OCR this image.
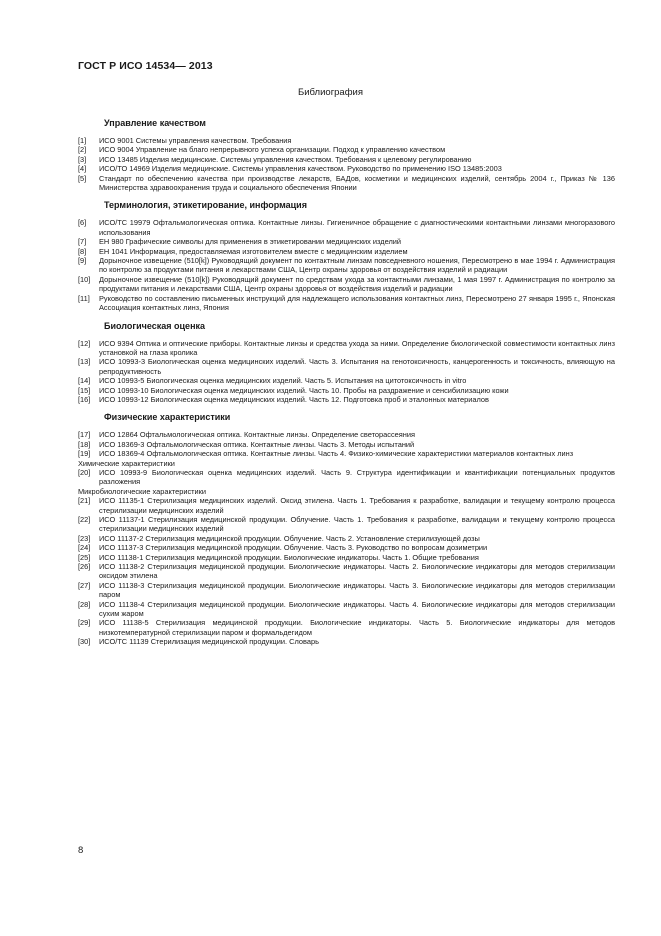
ГОСТ Р ИСО 14534— 2013
Библиография
Управление качеством
[1]	ИСО 9001 Системы управления качеством. Требования
[2]	ИСО 9004 Управление на благо непрерывного успеха организации. Подход к управлению качеством
[3]	ИСО 13485 Изделия медицинские. Системы управления качеством. Требования к целевому регулированию
[4]	ИСО/ТО 14969 Изделия медицинские. Системы управления качеством. Руководство по применению ISO 13485:2003
[5]	Стандарт по обеспечению качества при производстве лекарств, БАДов, косметики и медицинских изделий, сентябрь 2004 г., Приказ № 136 Министерства здравоохранения труда и социального обеспечения Японии
Терминология, этикетирование, информация
[6]	ИСО/ТС 19979 Офтальмологическая оптика. Контактные линзы. Гигиеничное обращение с диагностическими контактными линзами многоразового использования
[7]	ЕН 980 Графические символы для применения в этикетировании медицинских изделий
[8]	ЕН 1041 Информация, предоставляемая изготовителем вместе с медицинским изделием
[9]	Дорыночное извещение (510[k]) Руководящий документ по контактным линзам повседневного ношения, Пересмотрено в мае 1994 г. Администрация по контролю за продуктами питания и лекарствами США, Центр охраны здоровья от воздействия изделий и радиации
[10]	Дорыночное извещение (510[k]) Руководящий документ по средствам ухода за контактными линзами, 1 мая 1997 г. Администрация по контролю за продуктами питания и лекарствами США, Центр охраны здоровья от воздействия изделий и радиации
[11]	Руководство по составлению письменных инструкций для надлежащего использования контактных линз, Пересмотрено 27 января 1995 г., Японская Ассоциация контактных линз, Япония
Биологическая оценка
[12]	ИСО 9394 Оптика и оптические приборы. Контактные линзы и средства ухода за ними. Определение биологической совместимости контактных линз установкой на глаза кролика
[13]	ИСО 10993-3 Биологическая оценка медицинских изделий. Часть 3. Испытания на генотоксичность, канцерогенность и токсичность, влияющую на репродуктивность
[14]	ИСО 10993-5 Биологическая оценка медицинских изделий. Часть 5. Испытания на цитотоксичность in vitro
[15]	ИСО 10993-10 Биологическая оценка медицинских изделий. Часть 10. Пробы на раздражение и сенсибилизацию кожи
[16]	ИСО 10993-12 Биологическая оценка медицинских изделий. Часть 12. Подготовка проб и эталонных материалов
Физические характеристики
[17]	ИСО 12864 Офтальмологическая оптика. Контактные линзы. Определение светорассеяния
[18]	ИСО 18369-3 Офтальмологическая оптика. Контактные линзы. Часть 3. Методы испытаний
[19]	ИСО 18369-4 Офтальмологическая оптика. Контактные линзы. Часть 4. Физико-химические характеристики материалов контактных линз
Химические характеристики
[20]	ИСО 10993-9 Биологическая оценка медицинских изделий. Часть 9. Структура идентификации и квантификации потенциальных продуктов разложения
Микробиологические характеристики
[21]	ИСО 11135-1 Стерилизация медицинских изделий. Оксид этилена. Часть 1. Требования к разработке, валидации и текущему контролю процесса стерилизации медицинских изделий
[22]	ИСО 11137-1 Стерилизация медицинской продукции. Облучение. Часть 1. Требования к разработке, валидации и текущему контролю процесса стерилизации медицинских изделий
[23]	ИСО 11137-2 Стерилизация медицинской продукции. Облучение. Часть 2. Установление стерилизующей дозы
[24]	ИСО 11137-3 Стерилизация медицинской продукции. Облучение. Часть 3. Руководство по вопросам дозиметрии
[25]	ИСО 11138-1 Стерилизация медицинской продукции. Биологические индикаторы. Часть 1. Общие требования
[26]	ИСО 11138-2 Стерилизация медицинской продукции. Биологические индикаторы. Часть 2. Биологические индикаторы для методов стерилизации оксидом этилена
[27]	ИСО 11138-3 Стерилизация медицинской продукции. Биологические индикаторы. Часть 3. Биологические индикаторы для методов стерилизации паром
[28]	ИСО 11138-4 Стерилизация медицинской продукции. Биологические индикаторы. Часть 4. Биологические индикаторы для методов стерилизации сухим жаром
[29]	ИСО 11138-5 Стерилизация медицинской продукции. Биологические индикаторы. Часть 5. Биологические индикаторы для методов низкотемпературной стерилизации паром и формальдегидом
[30]	ИСО/ТС 11139 Стерилизация медицинской продукции. Словарь
8
